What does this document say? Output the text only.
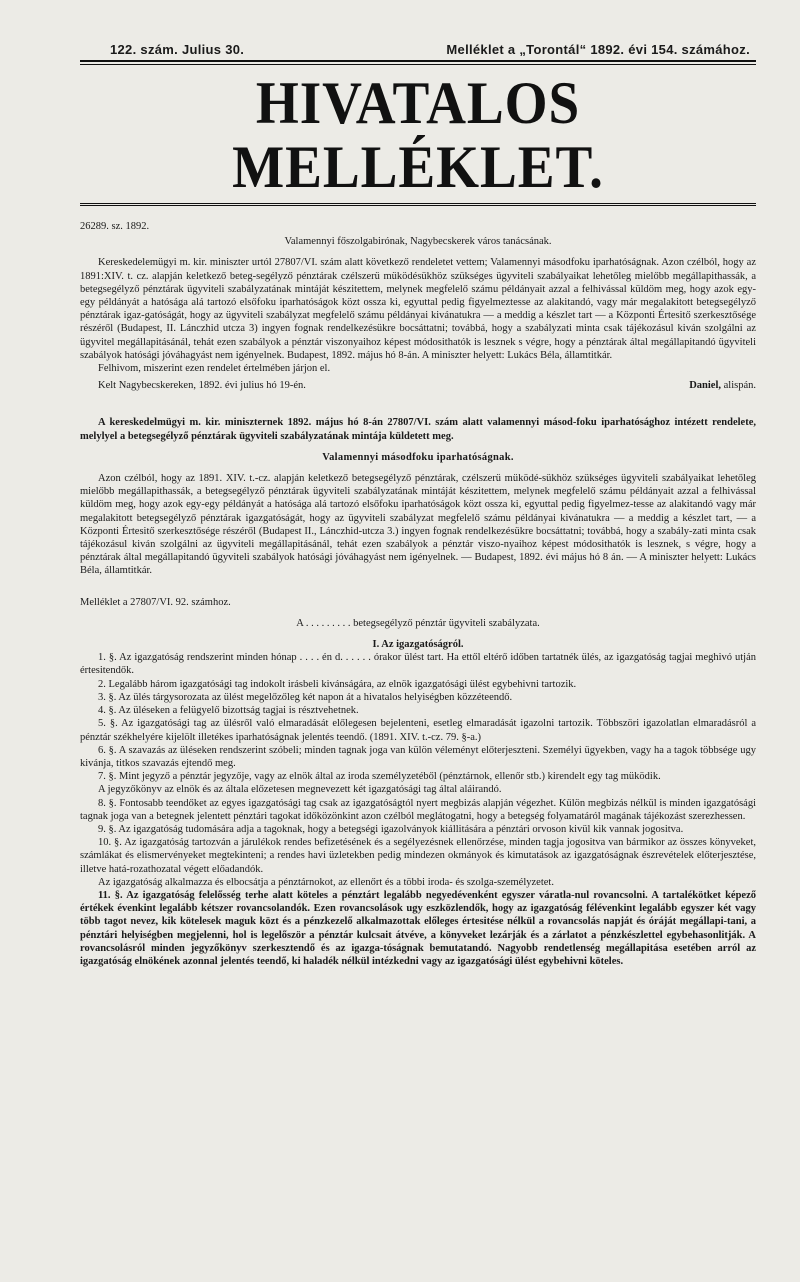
122. szám. Julius 30.	Melléklet a „Torontál“ 1892. évi 154. számához.
HIVATALOS MELLÉKLET.

26289. sz. 1892.

Valamennyi főszolgabirónak, Nagybecskerek város tanácsának.

Kereskedelemügyi m. kir. miniszter urtól 27807/VI. szám alatt következő rendeletet vettem; Valamennyi másodfoku iparhatóságnak. Azon czélból, hogy az 1891:XIV. t. cz. alapján keletkező beteg-segélyző pénztárak czélszerü müködésükhöz szükséges ügyviteli szabályaikat lehetőleg mielőbb megállapithassák, a betegsegélyző pénztárak ügyviteli szabályzatának mintáját készitettem, melynek megfelelő számu példányait azzal a felhivással küldöm meg, hogy azok egy-egy példányát a hatósága alá tartozó elsőfoku iparhatóságok közt ossza ki, egyuttal pedig figyelmeztesse az alakitandó, vagy már megalakitott betegsegélyző pénztárak igaz-gatóságát, hogy az ügyviteli szabályzat megfelelő számu példányai kivánatukra — a meddig a készlet tart — a Központi Értesitő szerkesztősége részéről (Budapest, II. Lánczhid utcza 3) ingyen fognak rendelkezésükre bocsáttatni; továbbá, hogy a szabályzati minta csak tájékozásul kiván szolgálni az ügyvitel megállapitásánál, tehát ezen szabályok a pénztár viszonyaihoz képest módosithatók is lesznek s végre, hogy a pénztárak által megállapitandó ügyviteli szabályok hatósági jóváhagyást nem igényelnek. Budapest, 1892. május hó 8-án. A miniszter helyett: Lukács Béla, államtitkár.

Felhivom, miszerint ezen rendelet értelmében járjon el.

Kelt Nagybecskereken, 1892. évi julius hó 19-én.	Daniel, alispán.

A kereskedelmügyi m. kir. miniszternek 1892. május hó 8-án 27807/VI. szám alatt valamennyi másod-foku iparhatósághoz intézett rendelete, melylyel a betegsegélyző pénztárak ügyviteli szabályzatának mintája küldetett meg.

Valamennyi másodfoku iparhatóságnak.

Azon czélból, hogy az 1891. XIV. t.-cz. alapján keletkező betegsegélyző pénztárak, czélszerü müködé-sükhöz szükséges ügyviteli szabályaikat lehetőleg mielőbb megállapithassák, a betegsegélyző pénztárak ügyviteli szabályzatának mintáját készitettem, melynek megfelelő számu példányait azzal a felhivással küldöm meg, hogy azok egy-egy példányát a hatósága alá tartozó elsőfoku iparhatóságok közt ossza ki, egyuttal pedig figyelmez-tesse az alakitandó vagy már megalakitott betegsegélyző pénztárak igazgatóságát, hogy az ügyviteli szabályzat megfelelő számu példányai kivánatukra — a meddig a készlet tart, — a Központi Értesitő szerkesztősége részéről (Budapest II., Lánczhid-utcza 3.) ingyen fognak rendelkezésükre bocsáttatni; továbbá, hogy a szabály-zati minta csak tájékozásul kiván szolgálni az ügyviteli megállapitásánál, tehát ezen szabályok a pénztár viszo-nyaihoz képest módosithatók is lesznek, s végre, hogy a pénztárak által megállapitandó ügyviteli szabályok hatósági jóváhagyást nem igényelnek. — Budapest, 1892. évi május hó 8 án. — A miniszter helyett: Lukács Béla, államtitkár.

Melléklet a 27807/VI. 92. számhoz.

A . . . . . . . . . betegsegélyző pénztár ügyviteli szabályzata.

I. Az igazgatóságról.

1. §. Az igazgatóság rendszerint minden hónap . . . . én d. . . . . . órakor ülést tart. Ha ettől eltérő időben tartatnék ülés, az igazgatóság tagjai meghivó utján értesitendők.

2. Legalább három igazgatósági tag indokolt irásbeli kivánságára, az elnök igazgatósági ülést egybehivni tartozik.

3. §. Az ülés tárgysorozata az ülést megelőzőleg két napon át a hivatalos helyiségben közzéteendő.

4. §. Az üléseken a felügyelő bizottság tagjai is résztvehetnek.

5. §. Az igazgatósági tag az ülésről való elmaradását előlegesen bejelenteni, esetleg elmaradását igazolni tartozik. Többszöri igazolatlan elmaradásról a pénztár székhelyére kijelölt illetékes iparhatóságnak jelentés teendő. (1891. XIV. t.-cz. 79. §-a.)

6. §. A szavazás az üléseken rendszerint szóbeli; minden tagnak joga van külön véleményt előterjeszteni. Személyi ügyekben, vagy ha a tagok többsége ugy kivánja, titkos szavazás ejtendő meg.

7. §. Mint jegyző a pénztár jegyzője, vagy az elnök által az iroda személyzetéből (pénztárnok, ellenőr stb.) kirendelt egy tag müködik.

A jegyzőkönyv az elnök és az általa előzetesen megnevezett két igazgatósági tag által aláirandó.

8. §. Fontosabb teendőket az egyes igazgatósági tag csak az igazgatóságtól nyert megbizás alapján végezhet. Külön megbizás nélkül is minden igazgatósági tagnak joga van a betegnek jelentett pénztári tagokat időközönkint azon czélból meglátogatni, hogy a betegség folyamatáról magának tájékozást szerezhessen.

9. §. Az igazgatóság tudomására adja a tagoknak, hogy a betegségi igazolványok kiállitására a pénztári orvoson kivül kik vannak jogositva.

10. §. Az igazgatóság tartozván a járulékok rendes befizetésének és a segélyezésnek ellenőrzése, minden tagja jogositva van bármikor az összes könyveket, számlákat és elismervényeket megtekinteni; a rendes havi üzletekben pedig mindezen okmányok és kimutatások az igazgatóságnak észrevételek előterjesztése, illetve hatá-rozathozatal végett előadandók.

Az igazgatóság alkalmazza és elbocsátja a pénztárnokot, az ellenőrt és a többi iroda- és szolga-személyzetet.

11. §. Az igazgatóság felelősség terhe alatt köteles a pénztárt legalább negyedévenként egyszer váratla-nul rovancsolni. A tartalékötket képező értékek évenkint legalább kétszer rovancsolandók. Ezen rovancsolások ugy eszközlendők, hogy az igazgatóság félévenkint legalább egyszer két vagy több tagot nevez, kik kötelesek maguk közt és a pénzkezelő alkalmazottak előleges értesitése nélkül a rovancsolás napját és óráját megállapi-tani, a pénztári helyiségben megjelenni, hol is legelőször a pénztár kulcsait átvéve, a könyveket lezárják és a zárlatot a pénzkészlettel egybehasonlitják. A rovancsolásról minden jegyzőkönyv szerkesztendő és az igazga-tóságnak bemutatandó. Nagyobb rendetlenség megállapitása esetében arról az igazgatóság elnökének azonnal jelentés teendő, ki haladék nélkül intézkedni vagy az igazgatósági ülést egybehivni köteles.
